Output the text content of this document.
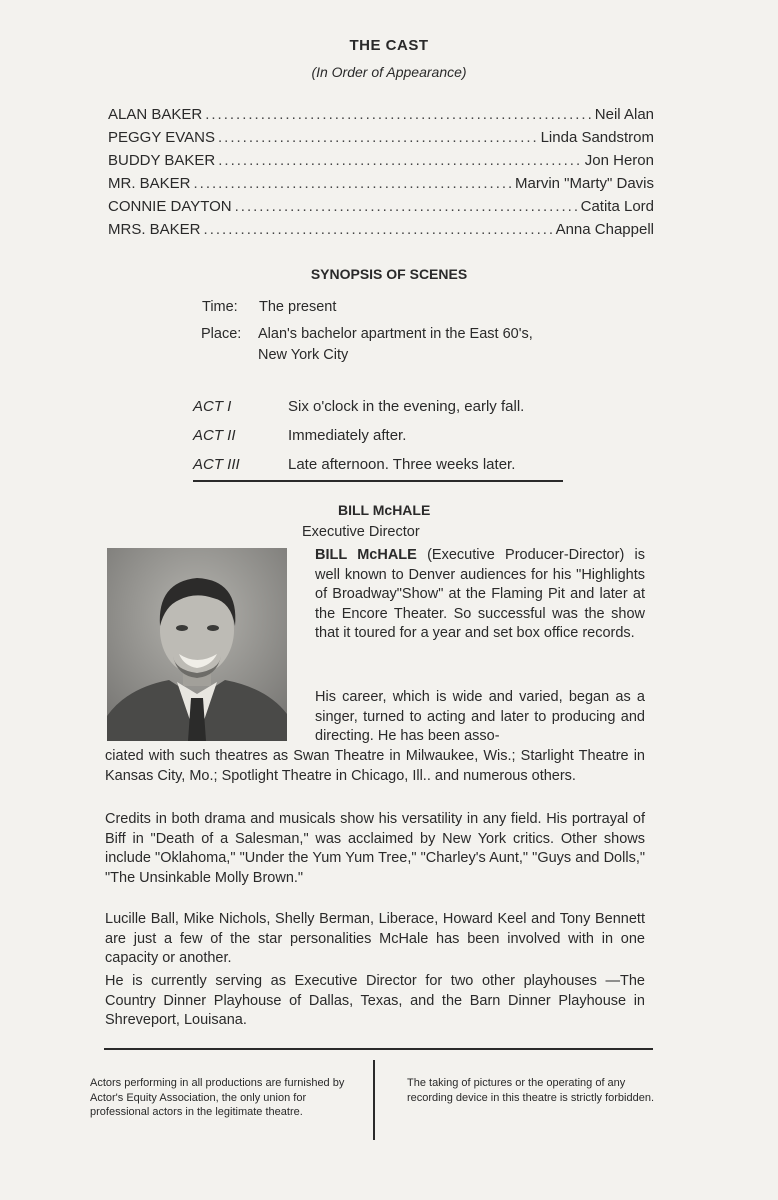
THE CAST
(In Order of Appearance)
ALAN BAKER .....	Neil Alan
PEGGY EVANS .....	Linda Sandstrom
BUDDY BAKER .....	Jon Heron
MR. BAKER .....	Marvin "Marty" Davis
CONNIE DAYTON .....	Catita Lord
MRS. BAKER .....	Anna Chappell
SYNOPSIS OF SCENES
Time: The present
Place: Alan's bachelor apartment in the East 60's,
New York City
ACT I	Six o'clock in the evening, early fall.
ACT II	Immediately after.
ACT III	Late afternoon. Three weeks later.
BILL McHALE
Executive Director
BILL McHALE (Executive Producer-Director) is well known to Denver audiences for his "Highlights of Broadway"Show" at the Flaming Pit and later at the Encore Theater. So successful was the show that it toured for a year and set box office records.
His career, which is wide and varied, began as a singer, turned to acting and later to producing and directing. He has been asso-
ciated with such theatres as Swan Theatre in Milwaukee, Wis.; Starlight Theatre in Kansas City, Mo.; Spotlight Theatre in Chicago, Ill.. and numerous others.
Credits in both drama and musicals show his versatility in any field. His portrayal of Biff in "Death of a Salesman," was acclaimed by New York critics. Other shows include "Oklahoma," "Under the Yum Yum Tree," "Charley's Aunt," "Guys and Dolls," "The Unsinkable Molly Brown."
Lucille Ball, Mike Nichols, Shelly Berman, Liberace, Howard Keel and Tony Bennett are just a few of the star personalities McHale has been involved with in one capacity or another.
He is currently serving as Executive Director for two other playhouses —The Country Dinner Playhouse of Dallas, Texas, and the Barn Dinner Playhouse in Shreveport, Louisana.
Actors performing in all productions are furnished by Actor's Equity Association, the only union for professional actors in the legitimate theatre.
The taking of pictures or the operating of any recording device in this theatre is strictly forbidden.
